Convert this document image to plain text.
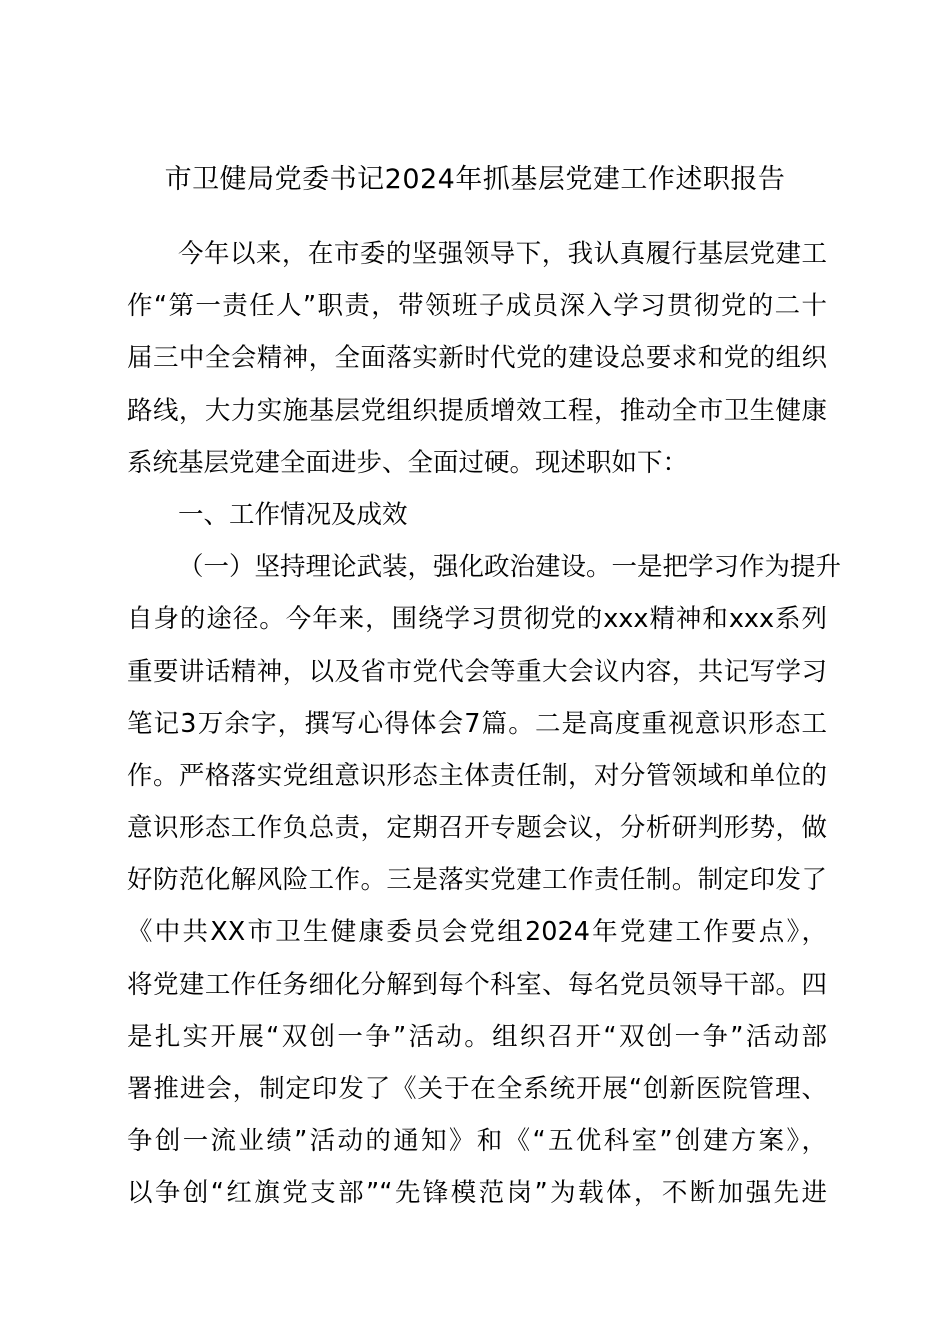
市卫健局党委书记2024年抓基层党建工作述职报告
今年以来，在市委的坚强领导下，我认真履行基层党建工
作“第一责任人”职责，带领班子成员深入学习贯彻党的二十
届三中全会精神，全面落实新时代党的建设总要求和党的组织
路线，大力实施基层党组织提质增效工程，推动全市卫生健康
系统基层党建全面进步、全面过硬。现述职如下：
一、工作情况及成效
（一）坚持理论武装，强化政治建设。一是把学习作为提升
自身的途径。今年来，围绕学习贯彻党的xxx精神和xxx系列
重要讲话精神，以及省市党代会等重大会议内容，共记写学习
笔记3万余字，撰写心得体会7篇。二是高度重视意识形态工
作。严格落实党组意识形态主体责任制，对分管领域和单位的
意识形态工作负总责，定期召开专题会议，分析研判形势，做
好防范化解风险工作。三是落实党建工作责任制。制定印发了
《中共XX市卫生健康委员会党组2024年党建工作要点》，
将党建工作任务细化分解到每个科室、每名党员领导干部。四
是扎实开展“双创一争”活动。组织召开“双创一争”活动部
署推进会，制定印发了《关于在全系统开展“创新医院管理、
争创一流业绩”活动的通知》和《“五优科室”创建方案》，
以争创“红旗党支部”“先锋模范岗”为载体，不断加强先进
